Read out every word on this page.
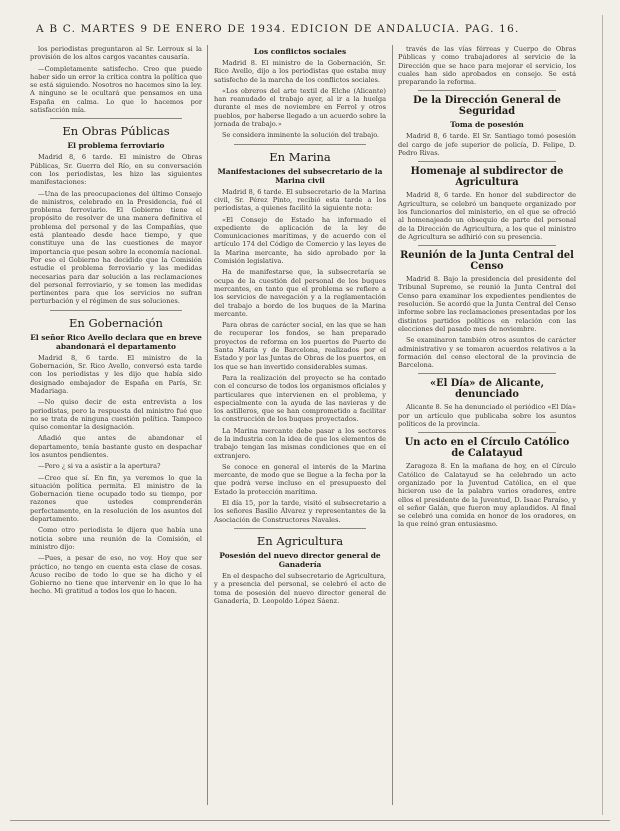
A B C. MARTES 9 DE ENERO DE 1934. EDICION DE ANDALUCIA. PAG. 16.

los periodistas preguntaron al Sr. Lerroux si la provisión de los altos cargos vacantes causaría.

—Completamente satisfecho. Creo que puede haber sido un error la crítica contra la política que se está siguiendo. Nosotros no hacemos sino la ley. A ninguno se le ocultará que pensamos en una España en calma. Lo que lo hacemos por satisfacción mía.

En Obras Públicas
El problema ferroviario

Madrid 8, 6 tarde. El ministro de Obras Públicas, Sr. Guerra del Río, en su conversación con los periodistas, les hizo las siguientes manifestaciones:

—Una de las preocupaciones del último Consejo de ministros, celebrado en la Presidencia, fué el problema ferroviario. El Gobierno tiene el propósito de resolver de una manera definitiva el problema del personal y de las Compañías, que está planteado desde hace tiempo, y que constituye una de las cuestiones de mayor importancia que pesan sobre la economía nacional. Por eso el Gobierno ha decidido que la Comisión estudie el problema ferroviario y las medidas necesarias para dar solución a las reclamaciones del personal ferroviario, y se tomen las medidas pertinentes para que los servicios no sufran perturbación y el régimen de sus soluciones.

En Gobernación
El señor Rico Avello declara que en breve abandonará el departamento

Madrid 8, 6 tarde. El ministro de la Gobernación, Sr. Rico Avello, conversó esta tarde con los periodistas y les dijo que había sido designado embajador de España en París, Sr. Madariaga.

—No quiso decir de esta entrevista a los periodistas, pero la respuesta del ministro fué que no se trata de ninguna cuestión política. Tampoco quiso comentar la designación.

Añadió que antes de abandonar el departamento, tenía bastante gusto en despachar los asuntos pendientes.

—Pero ¿ si va a asistir a la apertura?

—Creo que sí. En fin, ya veremos lo que la situación política permita. El ministro de la Gobernación tiene ocupado todo su tiempo, por razones que ustedes comprenderán perfectamente, en la resolución de los asuntos del departamento.

Como otro periodista le dijera que había una noticia sobre una reunión de la Comisión, el ministro dijo:

—Pues, a pesar de eso, no voy. Hoy que ser práctico, no tengo en cuenta esta clase de cosas. Acuso recibo de todo lo que se ha dicho y el Gobierno no tiene que intervenir en lo que lo ha hecho. Mi gratitud a todos los que lo hacen.

Los conflictos sociales

Madrid 8. El ministro de la Gobernación, Sr. Rico Avello, dijo a los periodistas que estaba muy satisfecho de la marcha de los conflictos sociales.

«Los obreros del arte textil de Elche (Alicante) han reanudado el trabajo ayer, al ir a la huelga durante el mes de noviembre en Ferrol y otros pueblos, por haberse llegado a un acuerdo sobre la jornada de trabajo.»

Se considera inminente la solución del trabajo.

En Marina
Manifestaciones del subsecretario de la Marina civil

Madrid 8, 6 tarde. El subsecretario de la Marina civil, Sr. Pérez Pinto, recibió esta tarde a los periodistas, a quienes facilitó la siguiente nota:

«El Consejo de Estado ha informado el expediente de aplicación de la ley de Comunicaciones marítimas, y de acuerdo con el artículo 174 del Código de Comercio y las leyes de la Marina mercante, ha sido aprobado por la Comisión legislativa.

Ha de manifestarse que, la subsecretaría se ocupa de la cuestión del personal de los buques mercantes, en tanto que el problema se refiere a los servicios de navegación y a la reglamentación del trabajo a bordo de los buques de la Marina mercante.

Para obras de carácter social, en las que se han de recuperar los fondos, se han preparado proyectos de reforma en los puertos de Puerto de Santa María y de Barcelona, realizados por el Estado y por las Juntas de Obras de los puertos, en los que se han invertido considerables sumas.

Para la realización del proyecto se ha contado con el concurso de todos los organismos oficiales y particulares que intervienen en el problema, y especialmente con la ayuda de las navieras y de los astilleros, que se han comprometido a facilitar la construcción de los buques proyectados.

La Marina mercante debe pasar a los sectores de la industria con la idea de que los elementos de trabajo tengan las mismas condiciones que en el extranjero.

Se conoce en general el interés de la Marina mercante, de modo que se llegue a la fecha por la que podrá verse incluso en el presupuesto del Estado la protección marítima.

El día 15, por la tarde, visitó el subsecretario a los señores Basilio Álvarez y representantes de la Asociación de Constructores Navales.

En Agricultura
Posesión del nuevo director general de Ganadería

En el despacho del subsecretario de Agricultura, y a presencia del personal, se celebró el acto de toma de posesión del nuevo director general de Ganadería, D. Leopoldo López Sáenz.

través de las vías férreas y Cuerpo de Obras Públicas y como trabajadores al servicio de la Dirección que se hace para mejorar el servicio, los cuales han sido aprobados en consejo. Se está preparando la reforma.

De la Dirección General de Seguridad
Toma de posesión

Madrid 8, 6 tarde. El Sr. Santiago tomó posesión del cargo de jefe superior de policía, D. Felipe, D. Pedro Rivas.

Homenaje al subdirector de Agricultura

Madrid 8, 6 tarde. En honor del subdirector de Agricultura, se celebró un banquete organizado por los funcionarios del ministerio, en el que se ofreció al homenajeado un obsequio de parte del personal de la Dirección de Agricultura, a los que el ministro de Agricultura se adhirió con su presencia.

Reunión de la Junta Central del Censo

Madrid 8. Bajo la presidencia del presidente del Tribunal Supremo, se reunió la Junta Central del Censo para examinar los expedientes pendientes de resolución. Se acordó que la Junta Central del Censo informe sobre las reclamaciones presentadas por los distintos partidos políticos en relación con las elecciones del pasado mes de noviembre.

Se examinaron también otros asuntos de carácter administrativo y se tomaron acuerdos relativos a la formación del censo electoral de la provincia de Barcelona.

«El Día» de Alicante, denunciado

Alicante 8. Se ha denunciado el periódico «El Día» por un artículo que publicaba sobre los asuntos políticos de la provincia.

Un acto en el Círculo Católico de Calatayud

Zaragoza 8. En la mañana de hoy, en el Círculo Católico de Calatayud se ha celebrado un acto organizado por la Juventud Católica, en el que hicieron uso de la palabra varios oradores, entre ellos el presidente de la Juventud, D. Isaac Paraíso, y el señor Galán, que fueron muy aplaudidos. Al final se celebró una comida en honor de los oradores, en la que reinó gran entusiasmo.
